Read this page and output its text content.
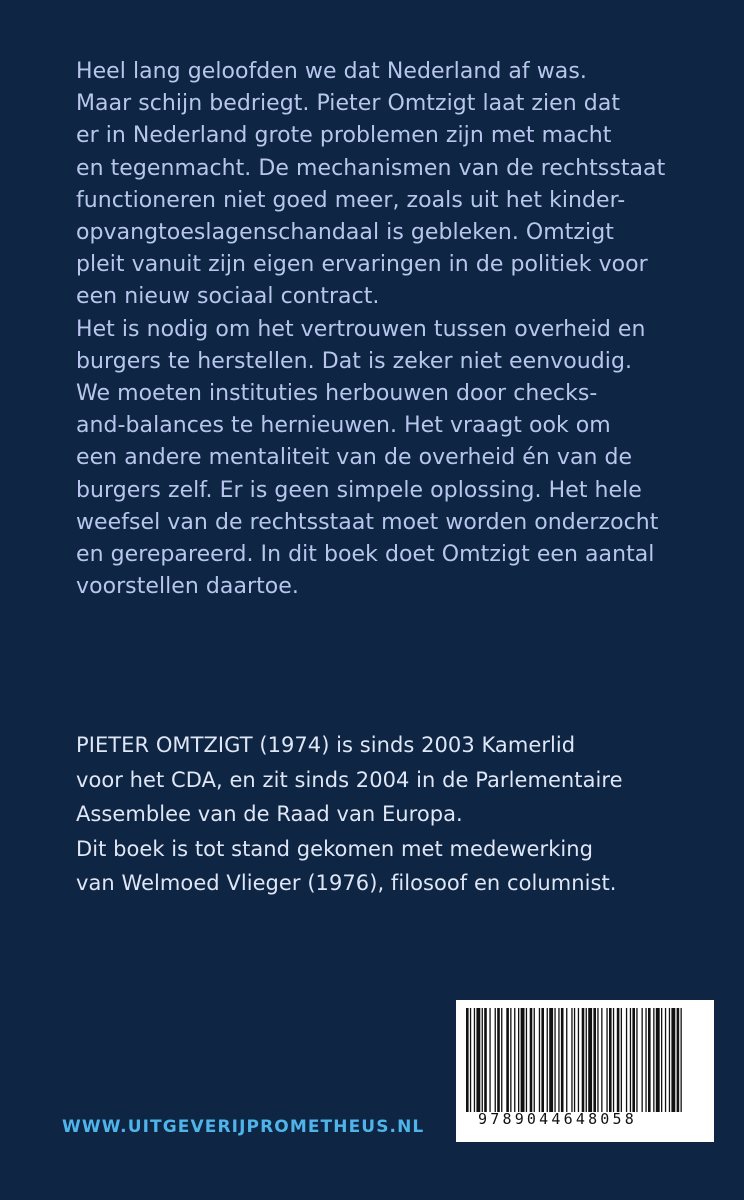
Heel lang geloofden we dat Nederland af was.
Maar schijn bedriegt. Pieter Omtzigt laat zien dat
er in Nederland grote problemen zijn met macht
en tegenmacht. De mechanismen van de rechtsstaat
functioneren niet goed meer, zoals uit het kinder-
opvangtoeslagenschandaal is gebleken. Omtzigt
pleit vanuit zijn eigen ervaringen in de politiek voor
een nieuw sociaal contract.
Het is nodig om het vertrouwen tussen overheid en
burgers te herstellen. Dat is zeker niet eenvoudig.
We moeten instituties herbouwen door checks-
and-balances te hernieuwen. Het vraagt ook om
een andere mentaliteit van de overheid én van de
burgers zelf. Er is geen simpele oplossing. Het hele
weefsel van de rechtsstaat moet worden onderzocht
en gerepareerd. In dit boek doet Omtzigt een aantal
voorstellen daartoe.
PIETER OMTZIGT (1974) is sinds 2003 Kamerlid
voor het CDA, en zit sinds 2004 in de Parlementaire
Assemblee van de Raad van Europa.
Dit boek is tot stand gekomen met medewerking
van Welmoed Vlieger (1976), filosoof en columnist.
9789044648058
WWW.UITGEVERIJPROMETHEUS.NL
